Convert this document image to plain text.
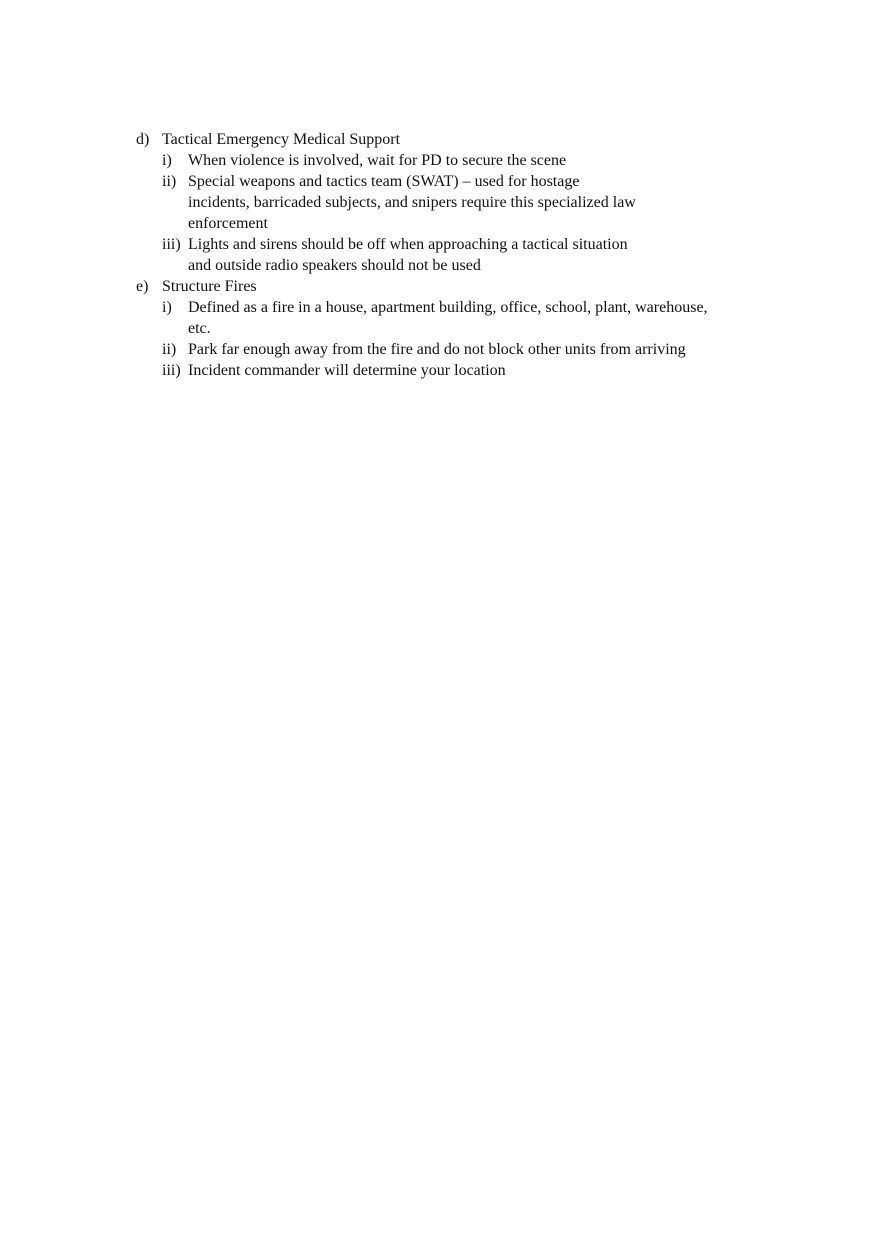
d) Tactical Emergency Medical Support
i)	When violence is involved, wait for PD to secure the scene
ii) Special weapons and tactics team (SWAT) – used for hostage
incidents, barricaded subjects, and snipers require this specialized law
enforcement
iii) Lights and sirens should be off when approaching a tactical situation
and outside radio speakers should not be used
e) Structure Fires
i)	Defined as a fire in a house, apartment building, office, school, plant, warehouse,
etc.
ii) Park far enough away from the fire and do not block other units from arriving
iii) Incident commander will determine your location
